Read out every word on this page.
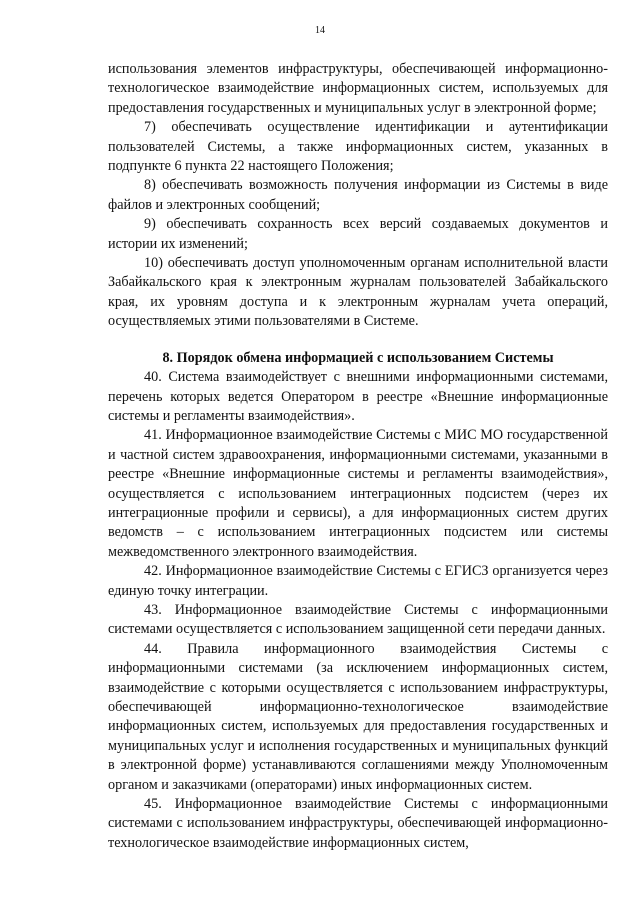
14

использования элементов инфраструктуры, обеспечивающей информационно-технологическое взаимодействие информационных систем, используемых для предоставления государственных и муниципальных услуг в электронной форме;

7) обеспечивать осуществление идентификации и аутентификации пользователей Системы, а также информационных систем, указанных в подпункте 6 пункта 22 настоящего Положения;

8) обеспечивать возможность получения информации из Системы в виде файлов и электронных сообщений;

9) обеспечивать сохранность всех версий создаваемых документов и истории их изменений;

10) обеспечивать доступ уполномоченным органам исполнительной власти Забайкальского края к электронным журналам пользователей Забайкальского края, их уровням доступа и к электронным журналам учета операций, осуществляемых этими пользователями в Системе.

8. Порядок обмена информацией с использованием Системы

40. Система взаимодействует с внешними информационными системами, перечень которых ведется Оператором в реестре «Внешние информационные системы и регламенты взаимодействия».

41. Информационное взаимодействие Системы с МИС МО государственной и частной систем здравоохранения, информационными системами, указанными в реестре «Внешние информационные системы и регламенты взаимодействия», осуществляется с использованием интеграционных подсистем (через их интеграционные профили и сервисы), а для информационных систем других ведомств – с использованием интеграционных подсистем или системы межведомственного электронного взаимодействия.

42. Информационное взаимодействие Системы с ЕГИСЗ организуется через единую точку интеграции.

43. Информационное взаимодействие Системы с информационными системами осуществляется с использованием защищенной сети передачи данных.

44. Правила информационного взаимодействия Системы с информационными системами (за исключением информационных систем, взаимодействие с которыми осуществляется с использованием инфраструктуры, обеспечивающей информационно-технологическое взаимодействие информационных систем, используемых для предоставления государственных и муниципальных услуг и исполнения государственных и муниципальных функций в электронной форме) устанавливаются соглашениями между Уполномоченным органом и заказчиками (операторами) иных информационных систем.

45. Информационное взаимодействие Системы с информационными системами с использованием инфраструктуры, обеспечивающей информационно-технологическое взаимодействие информационных систем,
